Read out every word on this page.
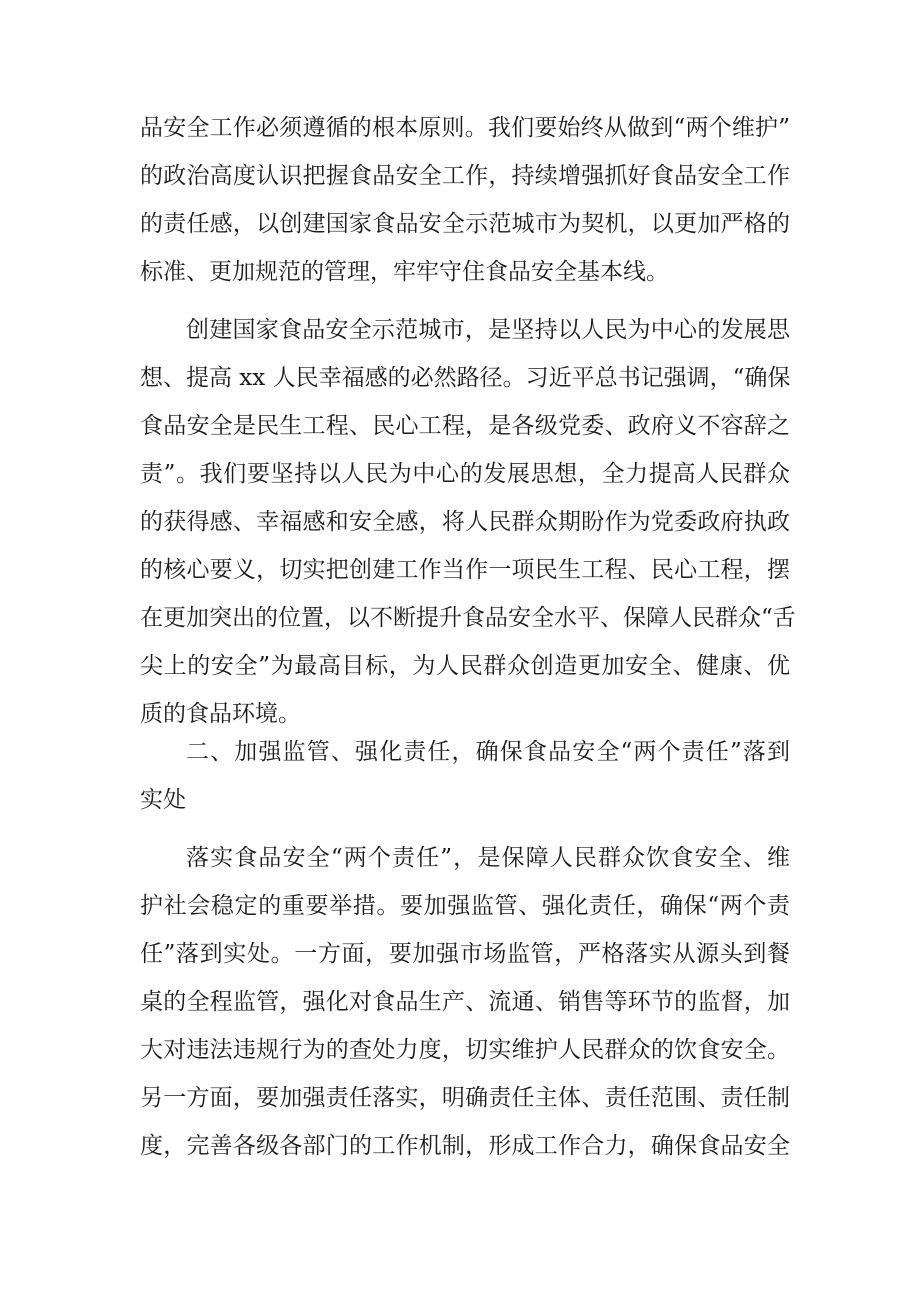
品安全工作必须遵循的根本原则。我们要始终从做到“两个维护”
的政治高度认识把握食品安全工作，持续增强抓好食品安全工作
的责任感，以创建国家食品安全示范城市为契机，以更加严格的
标准、更加规范的管理，牢牢守住食品安全基本线。
创建国家食品安全示范城市，是坚持以人民为中心的发展思
想、提高 xx 人民幸福感的必然路径。习近平总书记强调，“确保
食品安全是民生工程、民心工程，是各级党委、政府义不容辞之
责”。我们要坚持以人民为中心的发展思想，全力提高人民群众
的获得感、幸福感和安全感，将人民群众期盼作为党委政府执政
的核心要义，切实把创建工作当作一项民生工程、民心工程，摆
在更加突出的位置，以不断提升食品安全水平、保障人民群众“舌
尖上的安全”为最高目标，为人民群众创造更加安全、健康、优
质的食品环境。
二、加强监管、强化责任，确保食品安全“两个责任”落到
实处
落实食品安全“两个责任”，是保障人民群众饮食安全、维
护社会稳定的重要举措。要加强监管、强化责任，确保“两个责
任”落到实处。一方面，要加强市场监管，严格落实从源头到餐
桌的全程监管，强化对食品生产、流通、销售等环节的监督，加
大对违法违规行为的查处力度，切实维护人民群众的饮食安全。
另一方面，要加强责任落实，明确责任主体、责任范围、责任制
度，完善各级各部门的工作机制，形成工作合力，确保食品安全
